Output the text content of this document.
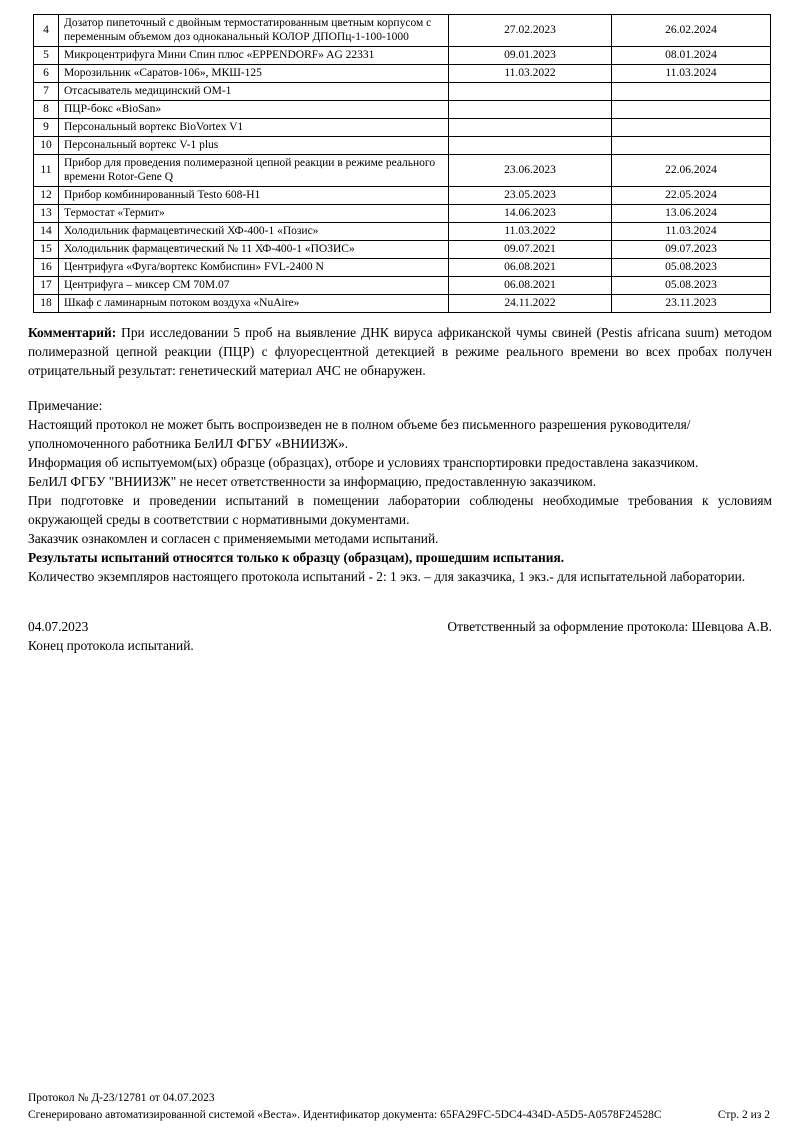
4	Дозатор пипеточный с двойным термостатированным цветным корпусом с переменным объемом доз одноканальный КОЛОР ДПОПц-1-100-1000	27.02.2023	26.02.2024
5	Микроцентрифуга Мини Спин плюс «EPPENDORF» AG 22331	09.01.2023	08.01.2024
6	Морозильник «Саратов-106», МКШ-125	11.03.2022	11.03.2024
7	Отсасыватель медицинский ОМ-1		
8	ПЦР-бокс «BioSan»		
9	Персональный вортекс BioVortex V1		
10	Персональный вортекс V-1 plus		
11	Прибор для проведения полимеразной цепной реакции в режиме реального времени Rotor-Gene Q	23.06.2023	22.06.2024
12	Прибор комбинированный Testo 608-H1	23.05.2023	22.05.2024
13	Термостат «Термит»	14.06.2023	13.06.2024
14	Холодильник фармацевтический ХФ-400-1 «Позис»	11.03.2022	11.03.2024
15	Холодильник фармацевтический № 11 ХФ-400-1 «ПОЗИС»	09.07.2021	09.07.2023
16	Центрифуга «Фуга/вортекс Комбиспин» FVL-2400 N	06.08.2021	05.08.2023
17	Центрифуга – миксер СМ 70М.07	06.08.2021	05.08.2023
18	Шкаф с ламинарным потоком воздуха «NuAire»	24.11.2022	23.11.2023

Комментарий: При исследовании 5 проб на выявление ДНК вируса африканской чумы свиней (Pestis africana suum) методом полимеразной цепной реакции (ПЦР) с флуоресцентной детекцией в режиме реального времени во всех пробах получен отрицательный результат: генетический материал АЧС не обнаружен.

Примечание:
Настоящий протокол не может быть воспроизведен не в полном объеме без письменного разрешения руководителя/уполномоченного работника БелИЛ ФГБУ «ВНИИЗЖ».
Информация об испытуемом(ых) образце (образцах), отборе и условиях транспортировки предоставлена заказчиком.
БелИЛ ФГБУ "ВНИИЗЖ" не несет ответственности за информацию, предоставленную заказчиком.
При подготовке и проведении испытаний в помещении лаборатории соблюдены необходимые требования к условиям окружающей среды в соответствии с нормативными документами.
Заказчик ознакомлен и согласен с применяемыми методами испытаний.
Результаты испытаний относятся только к образцу (образцам), прошедшим испытания.
Количество экземпляров настоящего протокола испытаний - 2: 1 экз. – для заказчика, 1 экз.- для испытательной лаборатории.
04.07.2023	Ответственный за оформление протокола: Шевцова А.В.
Конец протокола испытаний.
Протокол № Д-23/12781 от 04.07.2023
Сгенерировано автоматизированной системой «Веста». Идентификатор документа: 65FA29FC-5DC4-434D-A5D5-A0578F24528C	Стр. 2 из 2
